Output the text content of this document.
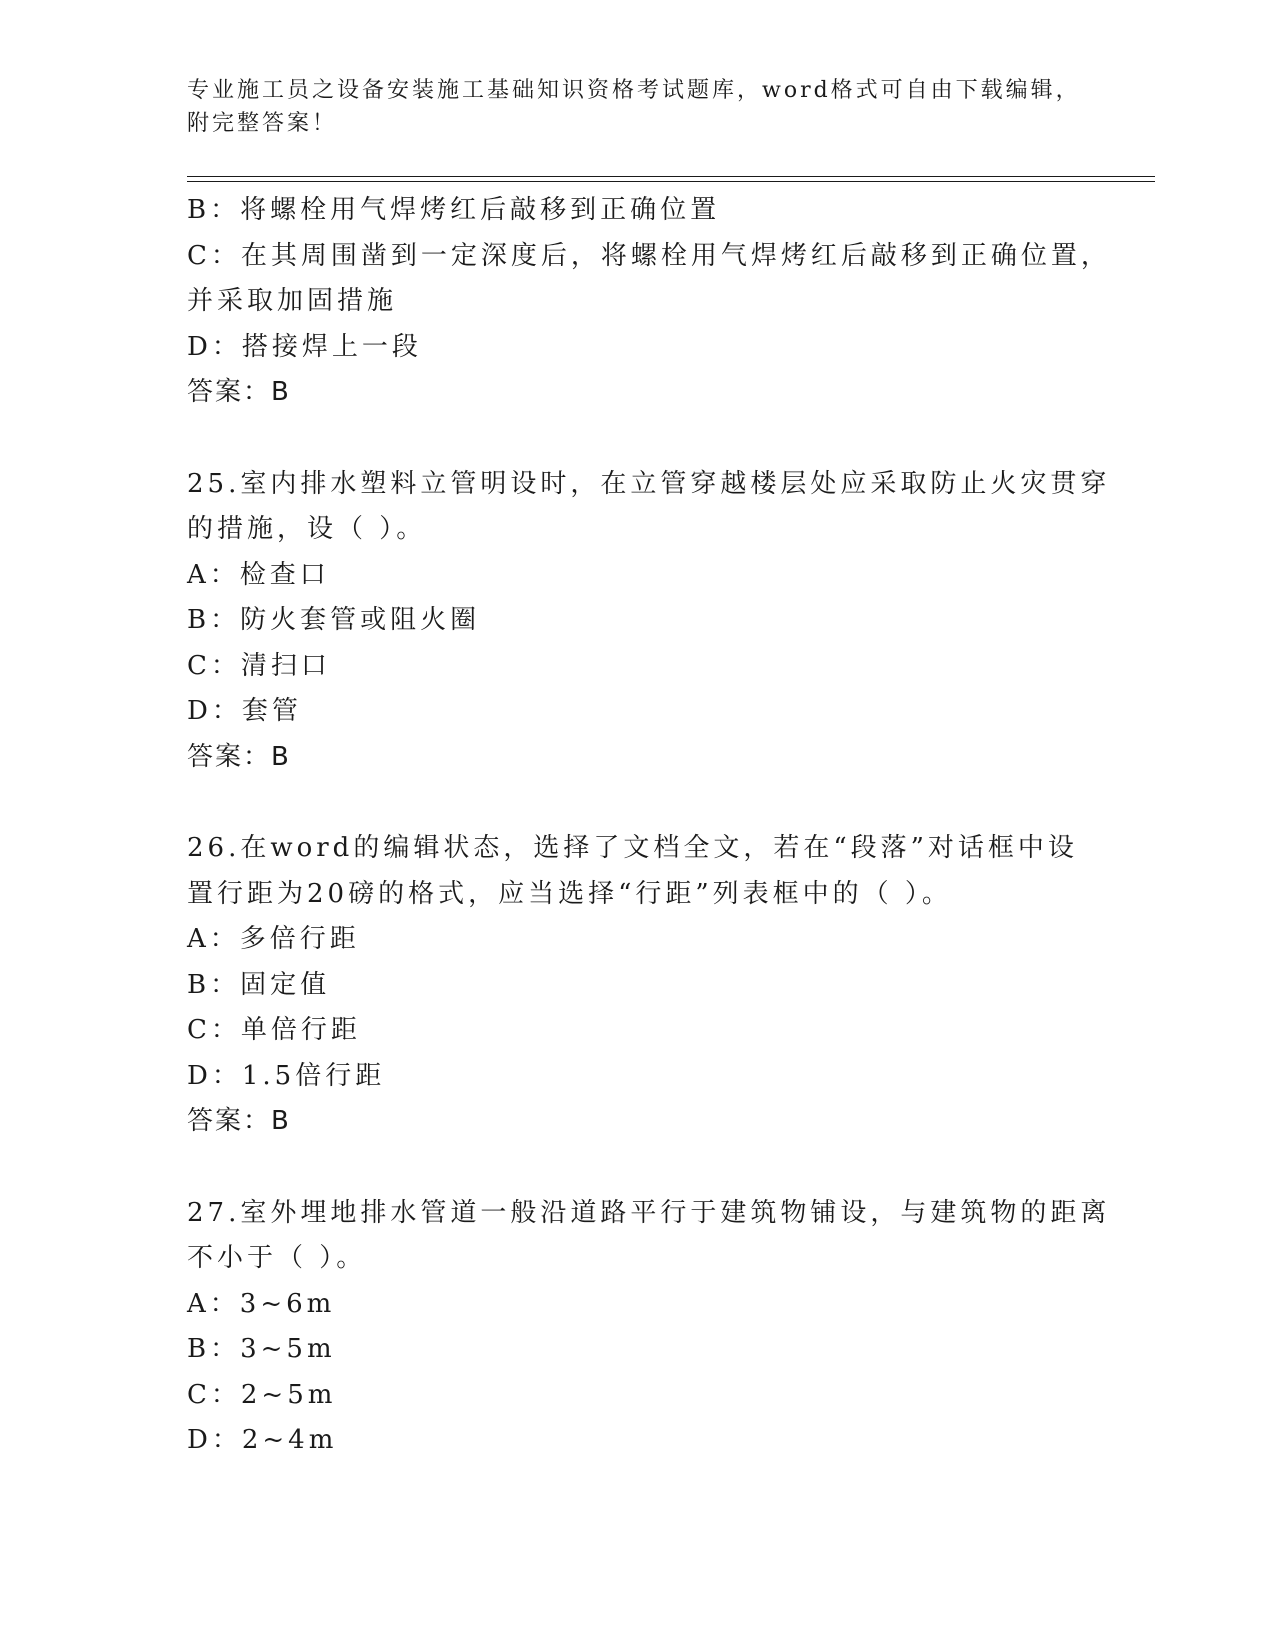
专业施工员之设备安装施工基础知识资格考试题库，word格式可自由下载编辑，
附完整答案！
B：将螺栓用气焊烤红后敲移到正确位置
C：在其周围凿到一定深度后，将螺栓用气焊烤红后敲移到正确位置，
并采取加固措施
D：搭接焊上一段
答案：B
25.室内排水塑料立管明设时，在立管穿越楼层处应采取防止火灾贯穿
的措施，设（ ）。
A：检查口
B：防火套管或阻火圈
C：清扫口
D：套管
答案：B
26.在word的编辑状态，选择了文档全文，若在“段落”对话框中设
置行距为20磅的格式，应当选择“行距”列表框中的（ ）。
A：多倍行距
B：固定值
C：单倍行距
D：1.5倍行距
答案：B
27.室外埋地排水管道一般沿道路平行于建筑物铺设，与建筑物的距离
不小于（ ）。
A：3~6m
B：3~5m
C：2~5m
D：2~4m
